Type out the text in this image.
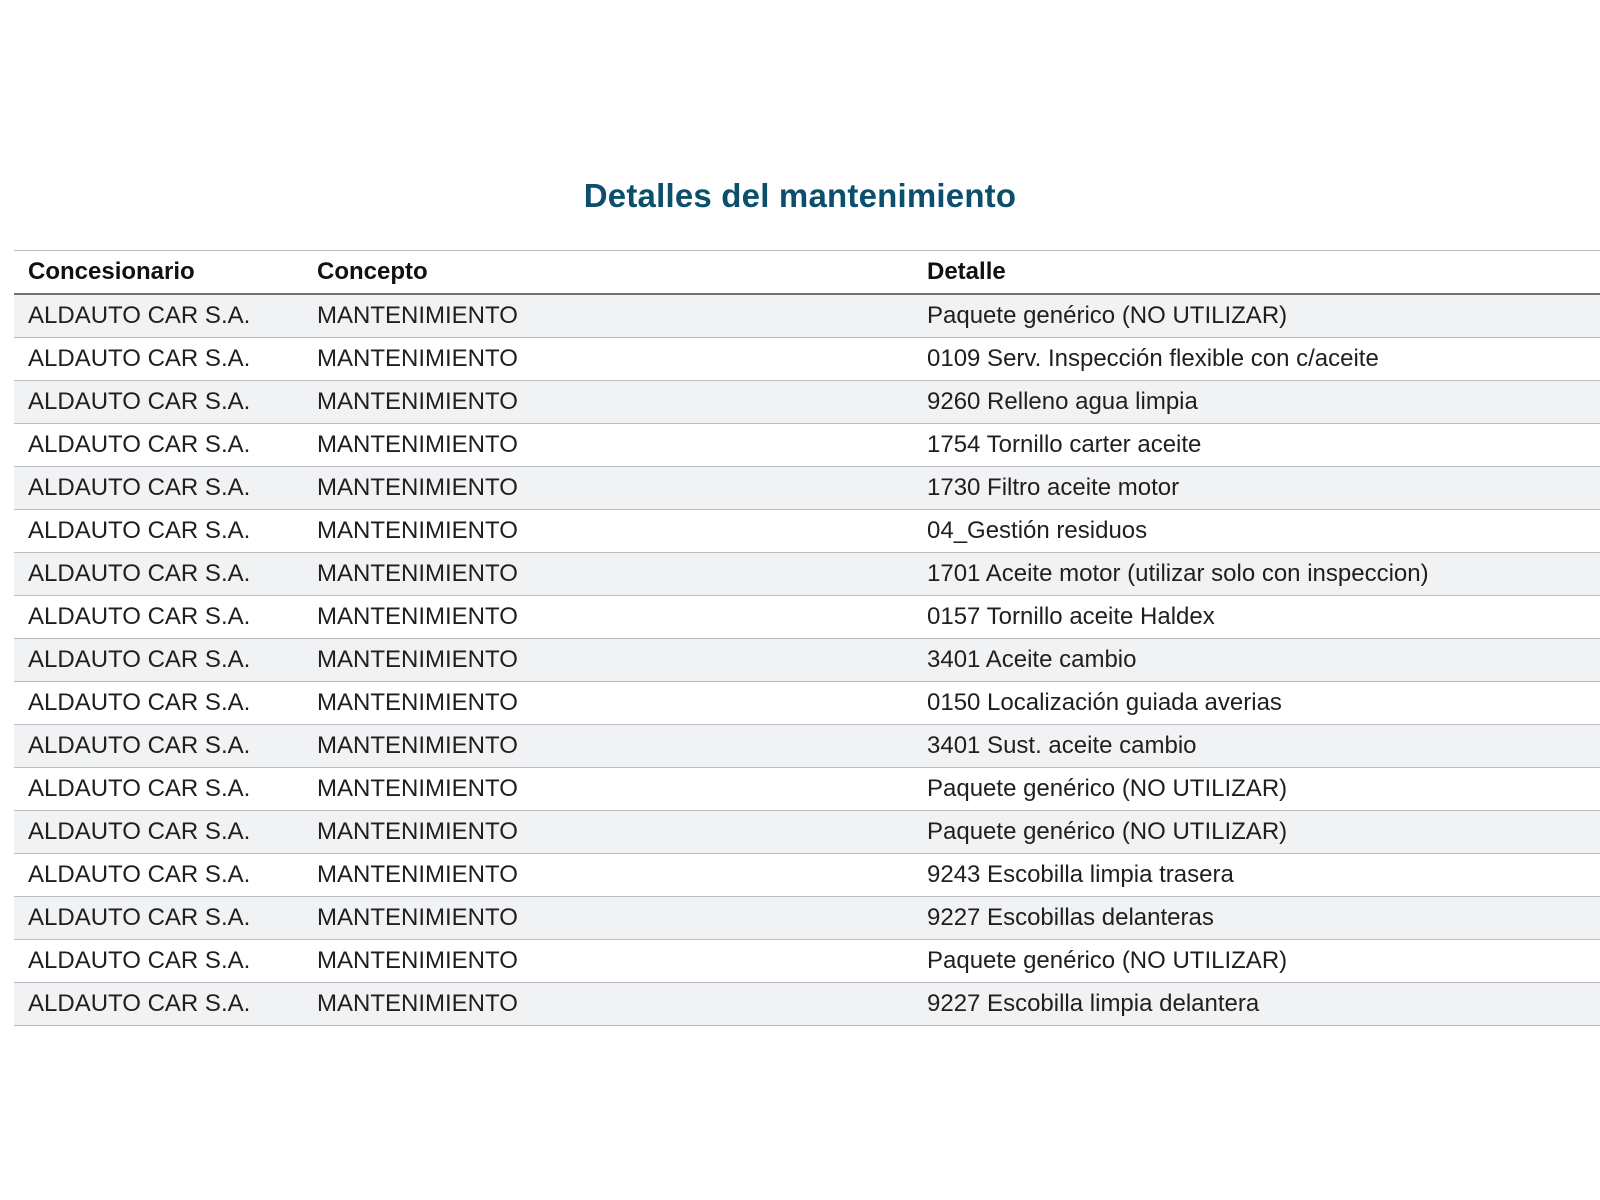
Detalles del mantenimiento
Concesionario	Concepto	Detalle
ALDAUTO CAR S.A.	MANTENIMIENTO	Paquete genérico (NO UTILIZAR)
ALDAUTO CAR S.A.	MANTENIMIENTO	0109 Serv. Inspección flexible con c/aceite
ALDAUTO CAR S.A.	MANTENIMIENTO	9260 Relleno agua limpia
ALDAUTO CAR S.A.	MANTENIMIENTO	1754 Tornillo carter aceite
ALDAUTO CAR S.A.	MANTENIMIENTO	1730 Filtro aceite motor
ALDAUTO CAR S.A.	MANTENIMIENTO	04_Gestión residuos
ALDAUTO CAR S.A.	MANTENIMIENTO	1701 Aceite motor (utilizar solo con inspeccion)
ALDAUTO CAR S.A.	MANTENIMIENTO	0157 Tornillo aceite Haldex
ALDAUTO CAR S.A.	MANTENIMIENTO	3401 Aceite cambio
ALDAUTO CAR S.A.	MANTENIMIENTO	0150 Localización guiada averias
ALDAUTO CAR S.A.	MANTENIMIENTO	3401 Sust. aceite cambio
ALDAUTO CAR S.A.	MANTENIMIENTO	Paquete genérico (NO UTILIZAR)
ALDAUTO CAR S.A.	MANTENIMIENTO	Paquete genérico (NO UTILIZAR)
ALDAUTO CAR S.A.	MANTENIMIENTO	9243 Escobilla limpia trasera
ALDAUTO CAR S.A.	MANTENIMIENTO	9227 Escobillas delanteras
ALDAUTO CAR S.A.	MANTENIMIENTO	Paquete genérico (NO UTILIZAR)
ALDAUTO CAR S.A.	MANTENIMIENTO	9227 Escobilla limpia delantera
